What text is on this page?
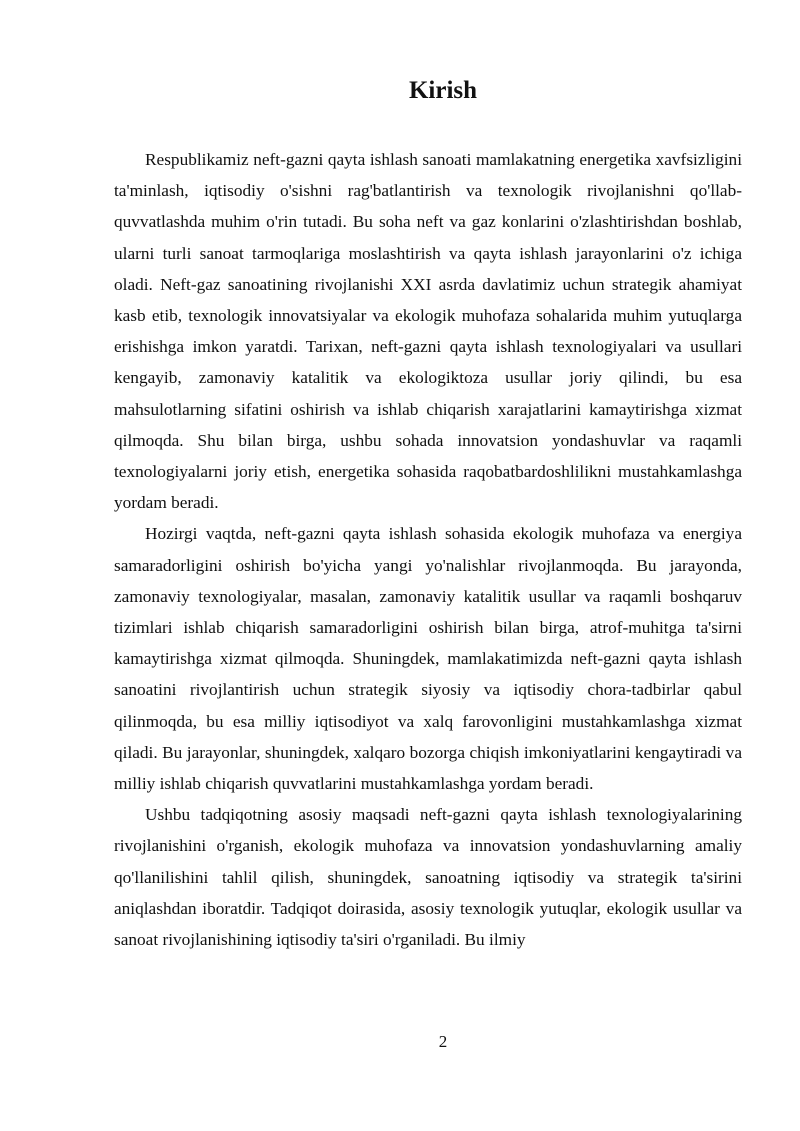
Kirish

Respublikamiz neft-gazni qayta ishlash sanoati mamlakatning energetika xavfsizligini ta'minlash, iqtisodiy o'sishni rag'batlantirish va texnologik rivojlanishni qo'llab-quvvatlashda muhim o'rin tutadi. Bu soha neft va gaz konlarini o'zlashtirishdan boshlab, ularni turli sanoat tarmoqlariga moslashtirish va qayta ishlash jarayonlarini o'z ichiga oladi. Neft-gaz sanoatining rivojlanishi XXI asrda davlatimiz uchun strategik ahamiyat kasb etib, texnologik innovatsiyalar va ekologik muhofaza sohalarida muhim yutuqlarga erishishga imkon yaratdi. Tarixan, neft-gazni qayta ishlash texnologiyalari va usullari kengayib, zamonaviy katalitik va ekologiktoza usullar joriy qilindi, bu esa mahsulotlarning sifatini oshirish va ishlab chiqarish xarajatlarini kamaytirishga xizmat qilmoqda. Shu bilan birga, ushbu sohada innovatsion yondashuvlar va raqamli texnologiyalarni joriy etish, energetika sohasida raqobatbardoshlilikni mustahkamlashga yordam beradi.

Hozirgi vaqtda, neft-gazni qayta ishlash sohasida ekologik muhofaza va energiya samaradorligini oshirish bo'yicha yangi yo'nalishlar rivojlanmoqda. Bu jarayonda, zamonaviy texnologiyalar, masalan, zamonaviy katalitik usullar va raqamli boshqaruv tizimlari ishlab chiqarish samaradorligini oshirish bilan birga, atrof-muhitga ta'sirni kamaytirishga xizmat qilmoqda. Shuningdek, mamlakatimizda neft-gazni qayta ishlash sanoatini rivojlantirish uchun strategik siyosiy va iqtisodiy chora-tadbirlar qabul qilinmoqda, bu esa milliy iqtisodiyot va xalq farovonligini mustahkamlashga xizmat qiladi. Bu jarayonlar, shuningdek, xalqaro bozorga chiqish imkoniyatlarini kengaytiradi va milliy ishlab chiqarish quvvatlarini mustahkamlashga yordam beradi.

Ushbu tadqiqotning asosiy maqsadi neft-gazni qayta ishlash texnologiyalarining rivojlanishini o'rganish, ekologik muhofaza va innovatsion yondashuvlarning amaliy qo'llanilishini tahlil qilish, shuningdek, sanoatning iqtisodiy va strategik ta'sirini aniqlashdan iboratdir. Tadqiqot doirasida, asosiy texnologik yutuqlar, ekologik usullar va sanoat rivojlanishining iqtisodiy ta'siri o'rganiladi. Bu ilmiy

2
